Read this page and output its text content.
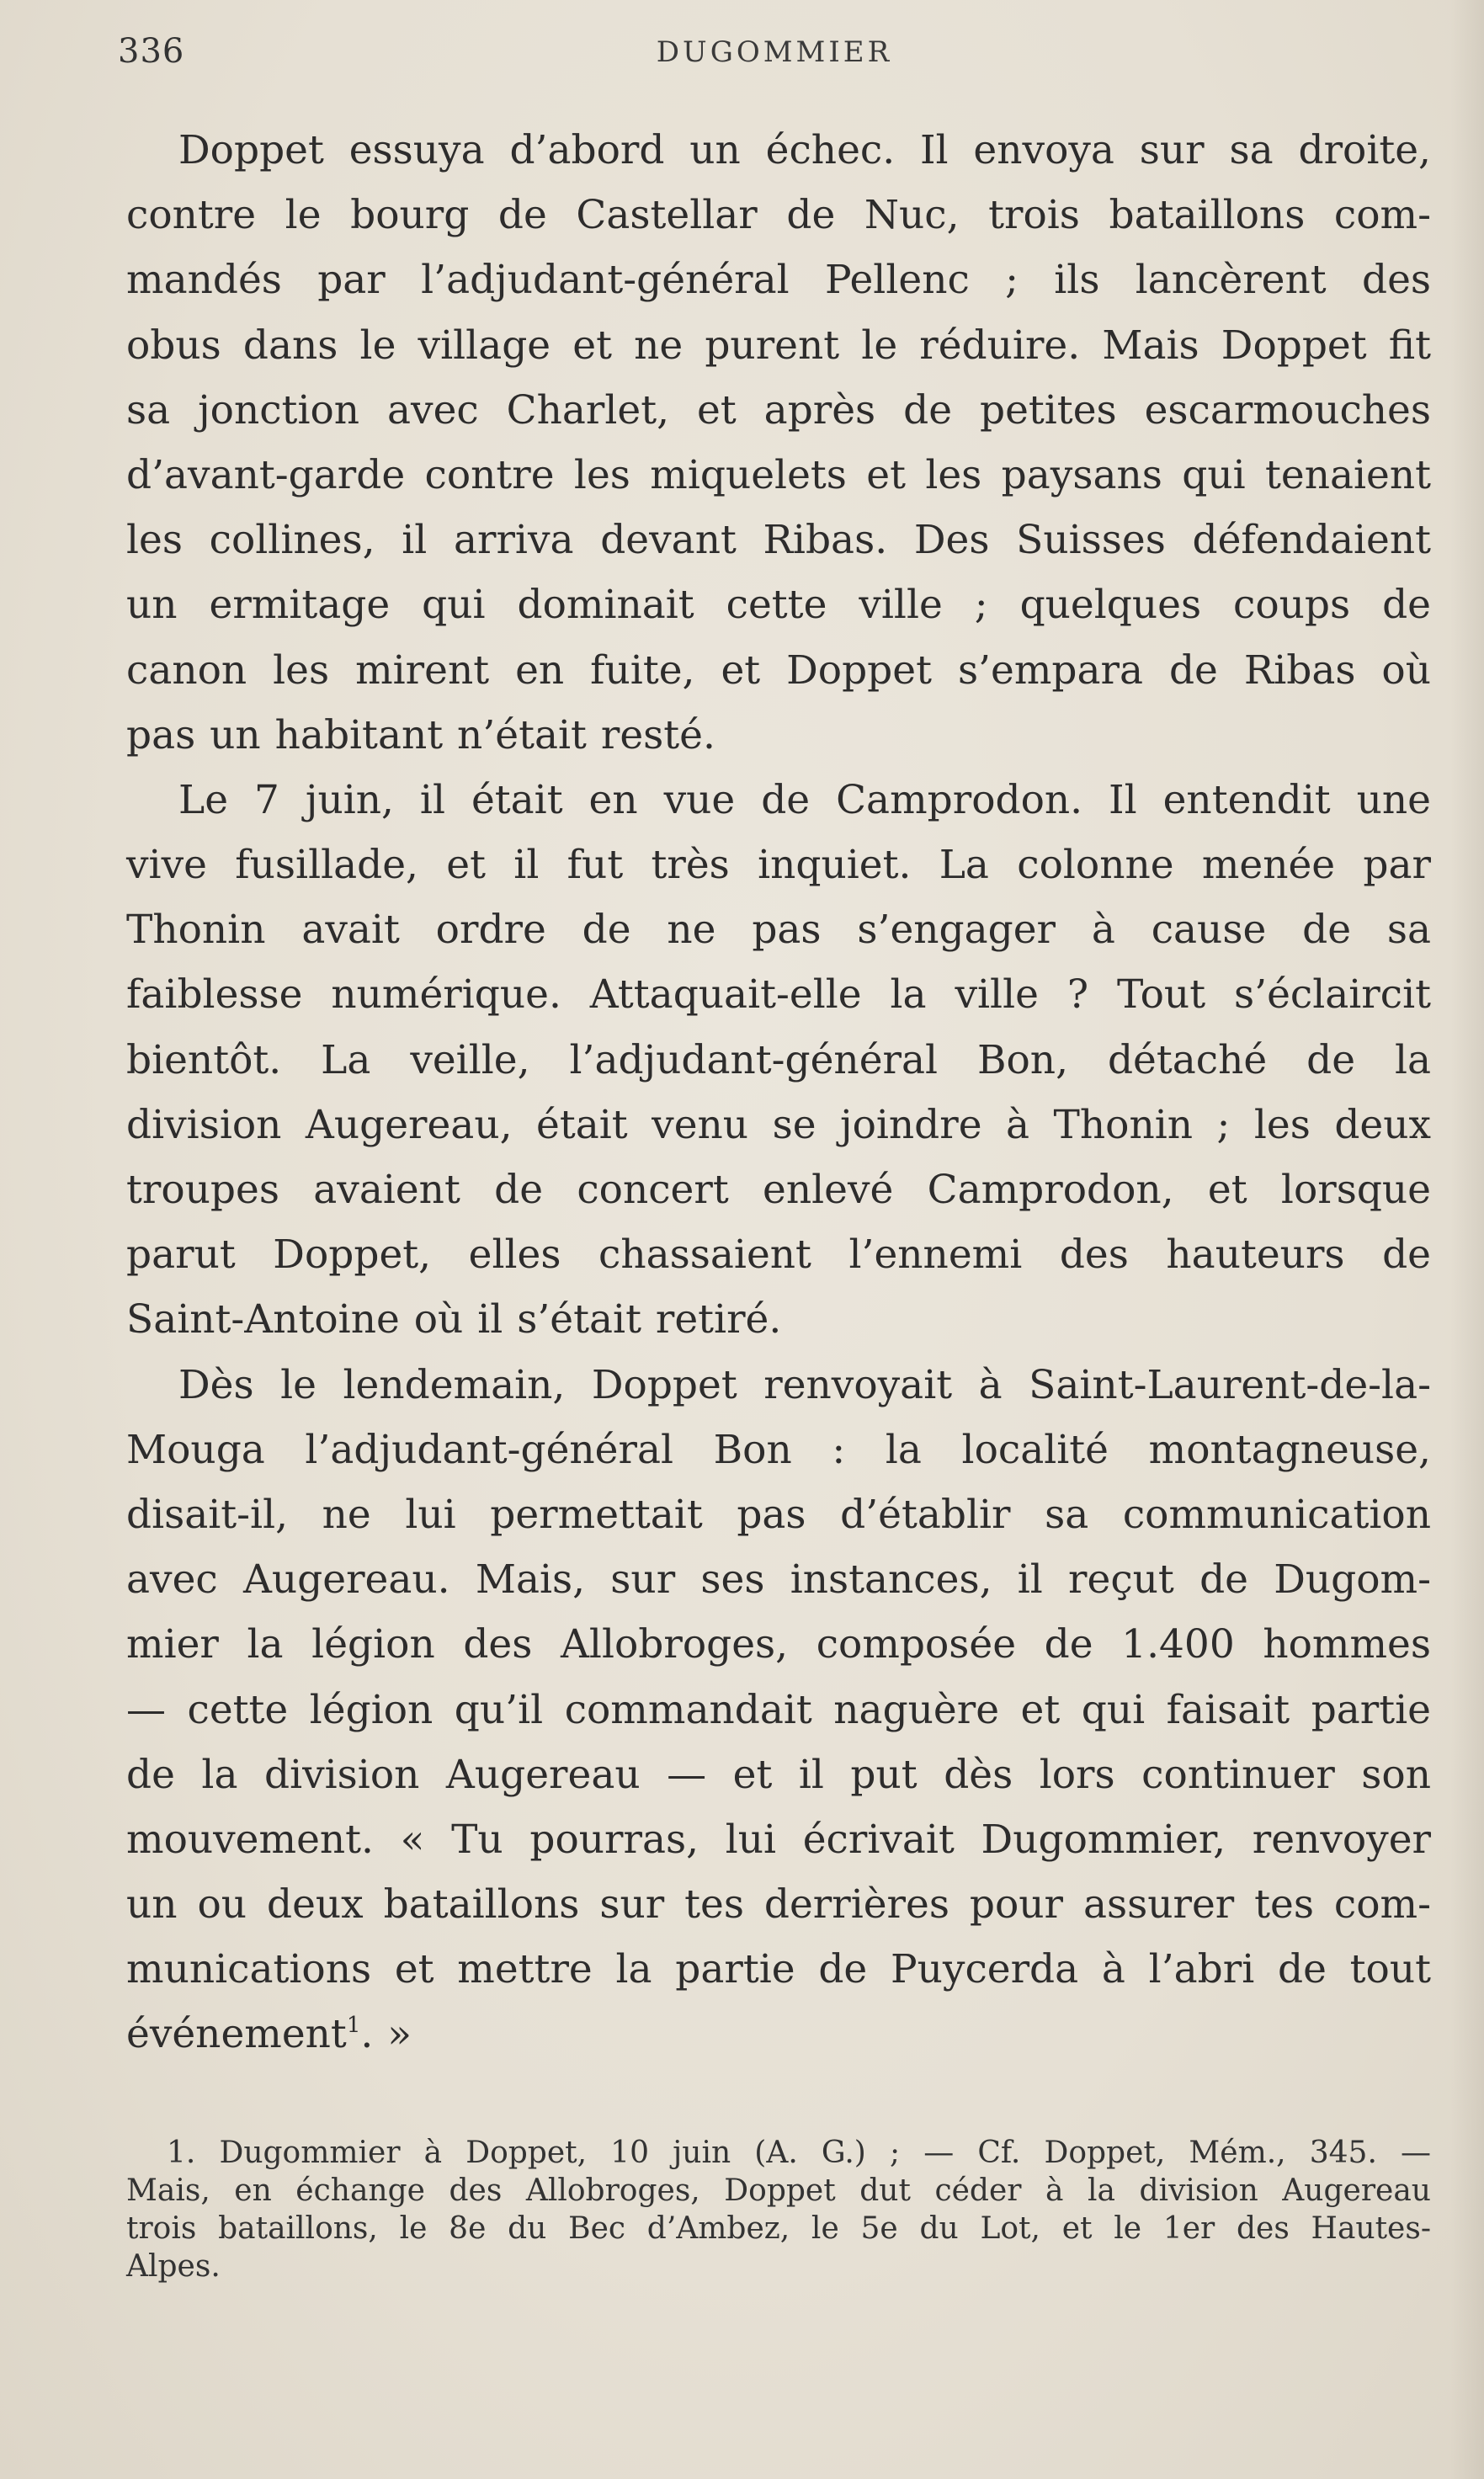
336	DUGOMMIER
Doppet essuya d’abord un échec. Il envoya sur sa droite,
contre le bourg de Castellar de Nuc, trois bataillons com-
mandés par l’adjudant-général Pellenc ; ils lancèrent des
obus dans le village et ne purent le réduire. Mais Doppet fit
sa jonction avec Charlet, et après de petites escarmouches
d’avant-garde contre les miquelets et les paysans qui tenaient
les collines, il arriva devant Ribas. Des Suisses défendaient
un ermitage qui dominait cette ville ; quelques coups de
canon les mirent en fuite, et Doppet s’empara de Ribas où
pas un habitant n’était resté.
Le 7 juin, il était en vue de Camprodon. Il entendit une
vive fusillade, et il fut très inquiet. La colonne menée par
Thonin avait ordre de ne pas s’engager à cause de sa
faiblesse numérique. Attaquait-elle la ville ? Tout s’éclaircit
bientôt. La veille, l’adjudant-général Bon, détaché de la
division Augereau, était venu se joindre à Thonin ; les deux
troupes avaient de concert enlevé Camprodon, et lorsque
parut Doppet, elles chassaient l’ennemi des hauteurs de
Saint-Antoine où il s’était retiré.
Dès le lendemain, Doppet renvoyait à Saint-Laurent-de-la-
Mouga l’adjudant-général Bon : la localité montagneuse,
disait-il, ne lui permettait pas d’établir sa communication
avec Augereau. Mais, sur ses instances, il reçut de Dugom-
mier la légion des Allobroges, composée de 1.400 hommes
— cette légion qu’il commandait naguère et qui faisait partie
de la division Augereau — et il put dès lors continuer son
mouvement. « Tu pourras, lui écrivait Dugommier, renvoyer
un ou deux bataillons sur tes derrières pour assurer tes com-
munications et mettre la partie de Puycerda à l’abri de tout
événement$^1$. »
1. Dugommier à Doppet, 10 juin (A. G.) ; — Cf. Doppet, Mém., 345. —
Mais, en échange des Allobroges, Doppet dut céder à la division Augereau
trois bataillons, le 8e du Bec d’Ambez, le 5e du Lot, et le 1er des Hautes-
Alpes.
